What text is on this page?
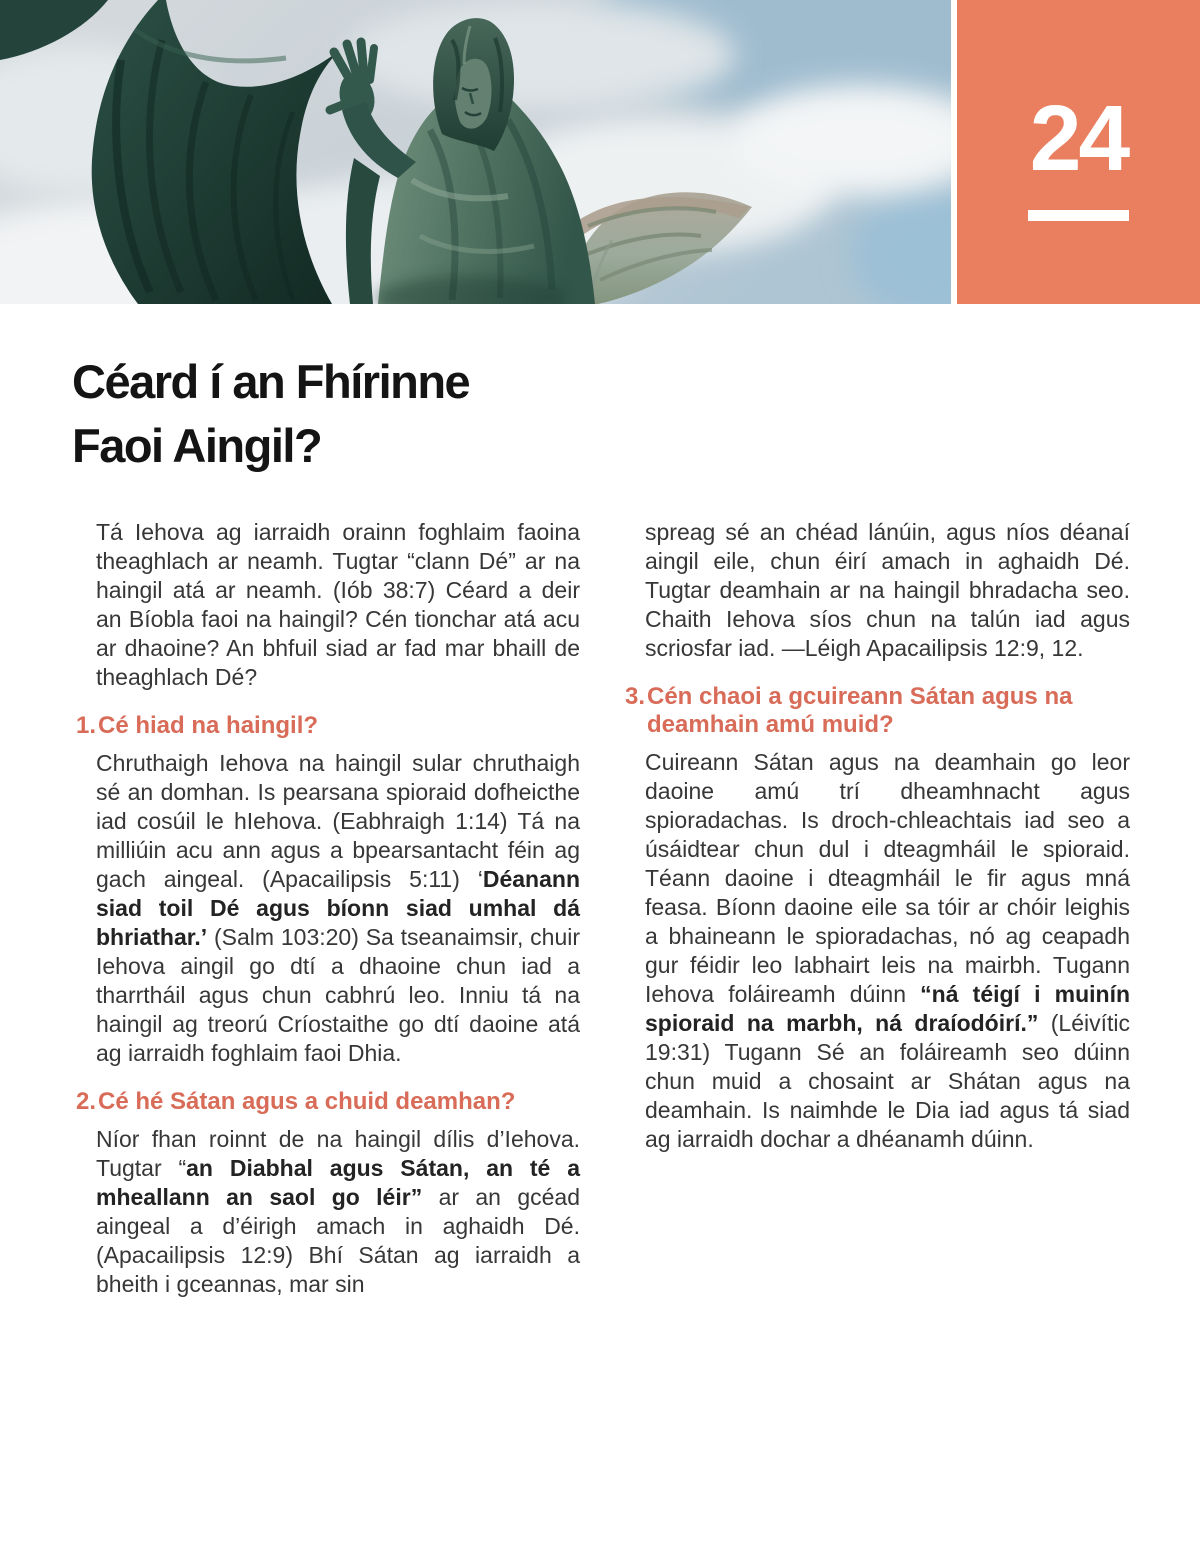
24
Céard í an Fhírinne
Faoi Aingil?

Tá Iehova ag iarraidh orainn foghlaim faoina theaghlach ar neamh. Tugtar “clann Dé” ar na haingil atá ar neamh. (Iób 38:7) Céard a deir an Bíobla faoi na haingil? Cén tionchar atá acu ar dhaoine? An bhfuil siad ar fad mar bhaill de theaghlach Dé?

1. Cé hiad na haingil?

Chruthaigh Iehova na haingil sular chruthaigh sé an domhan. Is pearsana spioraid dofheicthe iad cosúil le hIehova. (Eabhraigh 1:14) Tá na milliúin acu ann agus a bpearsantacht féin ag gach aingeal. (Apacailipsis 5:11) ‘Déanann siad toil Dé agus bíonn siad umhal dá bhriathar.’ (Salm 103:20) Sa tseanaimsir, chuir Iehova aingil go dtí a dhaoine chun iad a tharrtháil agus chun cabhrú leo. Inniu tá na haingil ag treorú Críostaithe go dtí daoine atá ag iarraidh foghlaim faoi Dhia.

2. Cé hé Sátan agus a chuid deamhan?

Níor fhan roinnt de na haingil dílis d’Iehova. Tugtar “an Diabhal agus Sátan, an té a mheallann an saol go léir” ar an gcéad aingeal a d’éirigh amach in aghaidh Dé. (Apacailipsis 12:9) Bhí Sátan ag iarraidh a bheith i gceannas, mar sin

spreag sé an chéad lánúin, agus níos déanaí aingil eile, chun éirí amach in aghaidh Dé. Tugtar deamhain ar na haingil bhradacha seo. Chaith Iehova síos chun na talún iad agus scriosfar iad. —Léigh Apacailipsis 12:9, 12.

3. Cén chaoi a gcuireann Sátan agus na deamhain amú muid?

Cuireann Sátan agus na deamhain go leor daoine amú trí dheamhnacht agus spioradachas. Is droch-chleachtais iad seo a úsáidtear chun dul i dteagmháil le spioraid. Téann daoine i dteagmháil le fir agus mná feasa. Bíonn daoine eile sa tóir ar chóir leighis a bhaineann le spioradachas, nó ag ceapadh gur féidir leo labhairt leis na mairbh. Tugann Iehova foláireamh dúinn “ná téigí i muinín spioraid na marbh, ná draíodóirí.” (Léivític 19:31) Tugann Sé an foláireamh seo dúinn chun muid a chosaint ar Shátan agus na deamhain. Is naimhde le Dia iad agus tá siad ag iarraidh dochar a dhéanamh dúinn.
